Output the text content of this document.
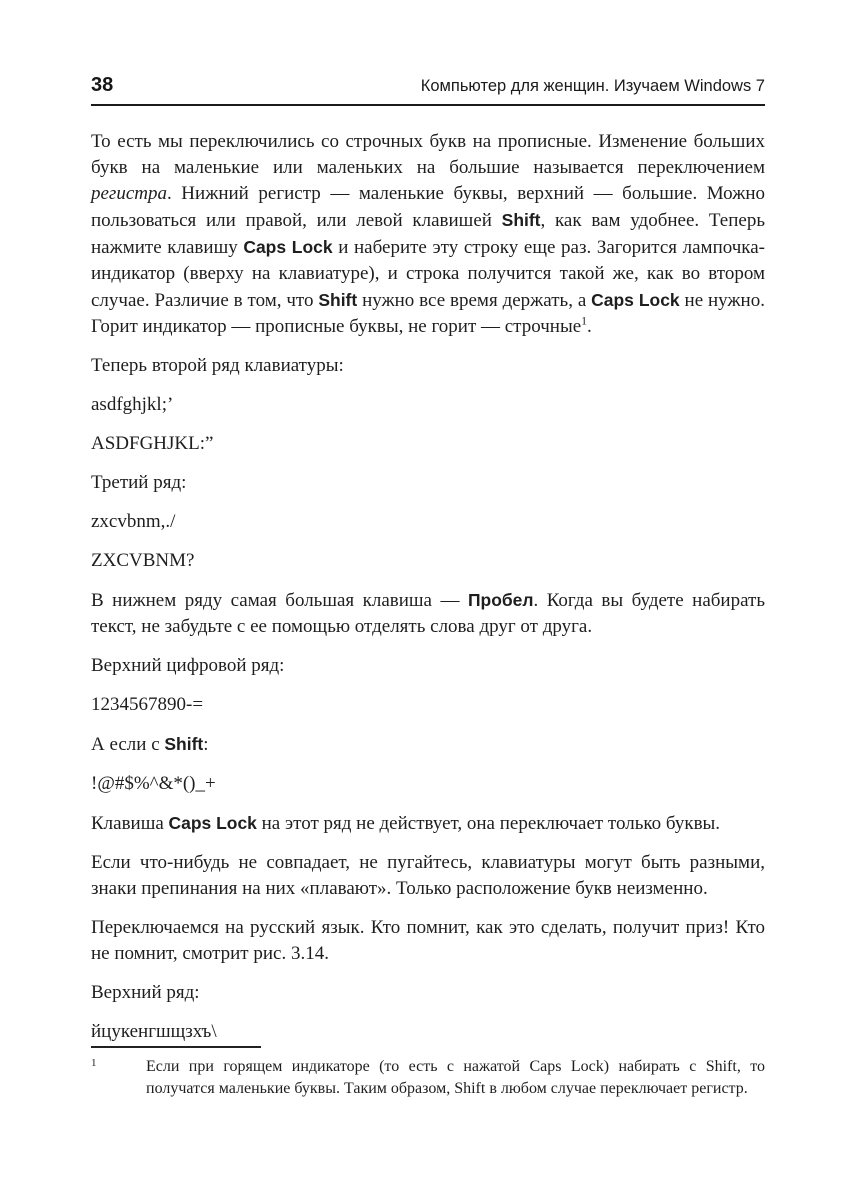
38	Компьютер для женщин. Изучаем Windows 7

То есть мы переключились со строчных букв на прописные. Изменение больших букв на маленькие или маленьких на большие называется переключением регистра. Нижний регистр — маленькие буквы, верхний — большие. Можно пользоваться или правой, или левой клавишей Shift, как вам удобнее. Теперь нажмите клавишу Caps Lock и наберите эту строку еще раз. Загорится лампочка-индикатор (вверху на клавиатуре), и строка получится такой же, как во втором случае. Различие в том, что Shift нужно все время держать, а Caps Lock не нужно. Горит индикатор — прописные буквы, не горит — строчные$^1$.

Теперь второй ряд клавиатуры:

asdfghjkl;’

ASDFGHJKL:”

Третий ряд:

zxcvbnm,./

ZXCVBNM?

В нижнем ряду самая большая клавиша — Пробел. Когда вы будете набирать текст, не забудьте с ее помощью отделять слова друг от друга.

Верхний цифровой ряд:

1234567890-=

А если с Shift:

!@#$%^&*()_+

Клавиша Caps Lock на этот ряд не действует, она переключает только буквы.

Если что-нибудь не совпадает, не пугайтесь, клавиатуры могут быть разными, знаки препинания на них «плавают». Только расположение букв неизменно.

Переключаемся на русский язык. Кто помнит, как это сделать, получит приз! Кто не помнит, смотрит рис. 3.14.

Верхний ряд:

йцукенгшщзхъ\

1	Если при горящем индикаторе (то есть с нажатой Caps Lock) набирать с Shift, то получатся маленькие буквы. Таким образом, Shift в любом случае переключает регистр.
